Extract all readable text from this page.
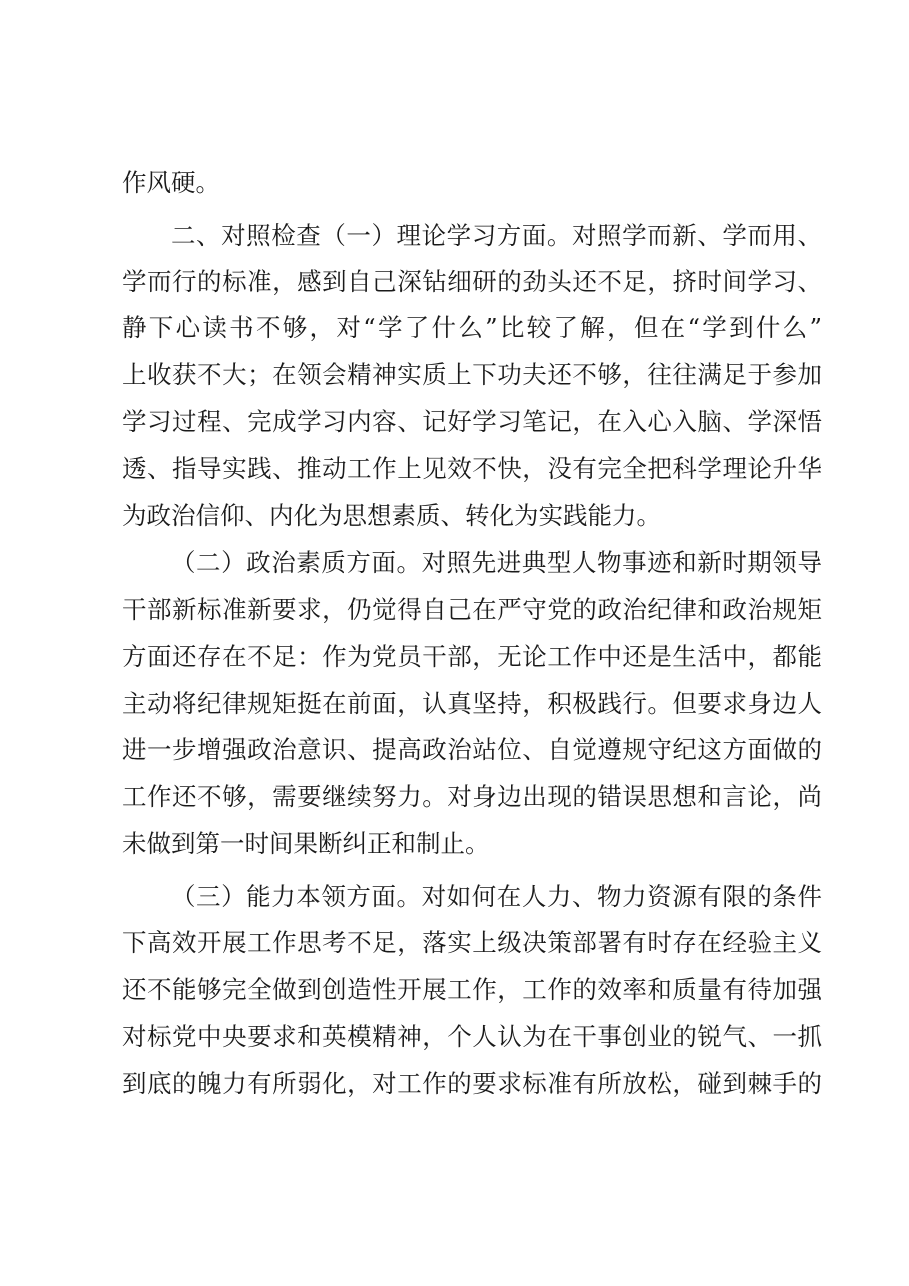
作风硬。
二、对照检查（一）理论学习方面。对照学而新、学而用、
学而行的标准，感到自己深钻细研的劲头还不足，挤时间学习、
静下心读书不够，对“学了什么”比较了解，但在“学到什么”
上收获不大；在领会精神实质上下功夫还不够，往往满足于参加
学习过程、完成学习内容、记好学习笔记，在入心入脑、学深悟
透、指导实践、推动工作上见效不快，没有完全把科学理论升华
为政治信仰、内化为思想素质、转化为实践能力。
（二）政治素质方面。对照先进典型人物事迹和新时期领导
干部新标准新要求，仍觉得自己在严守党的政治纪律和政治规矩
方面还存在不足：作为党员干部，无论工作中还是生活中，都能
主动将纪律规矩挺在前面，认真坚持，积极践行。但要求身边人
进一步增强政治意识、提高政治站位、自觉遵规守纪这方面做的
工作还不够，需要继续努力。对身边出现的错误思想和言论，尚
未做到第一时间果断纠正和制止。
（三）能力本领方面。对如何在人力、物力资源有限的条件
下高效开展工作思考不足，落实上级决策部署有时存在经验主义
还不能够完全做到创造性开展工作，工作的效率和质量有待加强
对标党中央要求和英模精神，个人认为在干事创业的锐气、一抓
到底的魄力有所弱化，对工作的要求标准有所放松，碰到棘手的
